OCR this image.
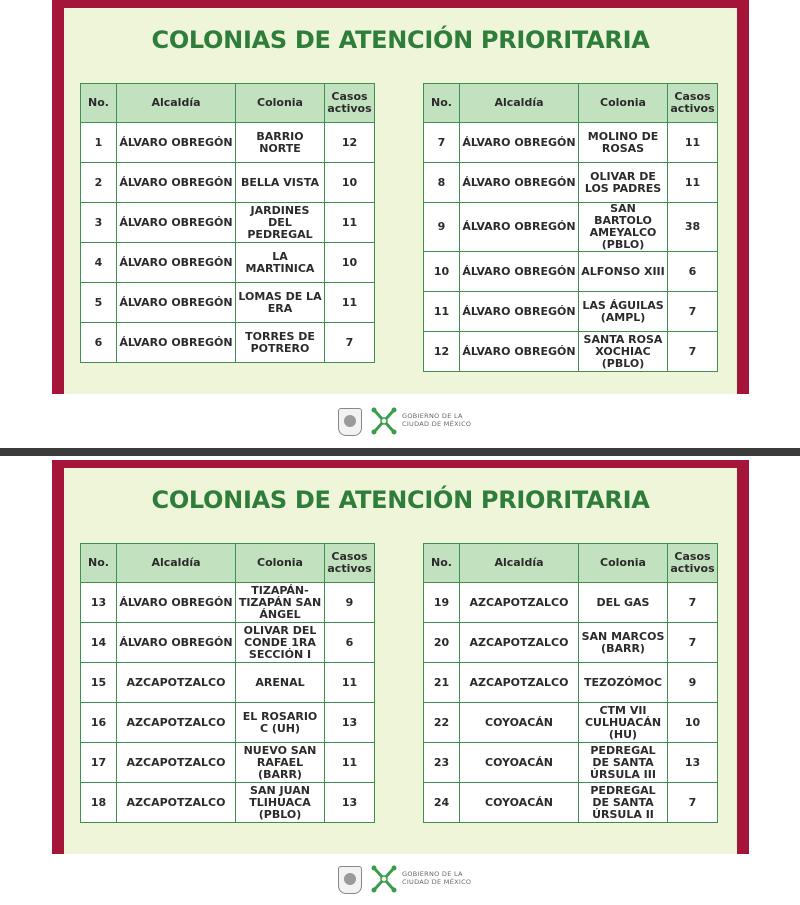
COLONIAS DE ATENCIÓN PRIORITARIA
No.	Alcaldía	Colonia	Casos activos
1	ÁLVARO OBREGÓN	BARRIO NORTE	12
2	ÁLVARO OBREGÓN	BELLA VISTA	10
3	ÁLVARO OBREGÓN	JARDINES DEL PEDREGAL	11
4	ÁLVARO OBREGÓN	LA MARTINICA	10
5	ÁLVARO OBREGÓN	LOMAS DE LA ERA	11
6	ÁLVARO OBREGÓN	TORRES DE POTRERO	7
No.	Alcaldía	Colonia	Casos activos
7	ÁLVARO OBREGÓN	MOLINO DE ROSAS	11
8	ÁLVARO OBREGÓN	OLIVAR DE LOS PADRES	11
9	ÁLVARO OBREGÓN	SAN BARTOLO AMEYALCO (PBLO)	38
10	ÁLVARO OBREGÓN	ALFONSO XIII	6
11	ÁLVARO OBREGÓN	LAS ÁGUILAS (AMPL)	7
12	ÁLVARO OBREGÓN	SANTA ROSA XOCHIAC (PBLO)	7
GOBIERNO DE LA
CIUDAD DE MÉXICO
COLONIAS DE ATENCIÓN PRIORITARIA
No.	Alcaldía	Colonia	Casos activos
13	ÁLVARO OBREGÓN	TIZAPÁN-TIZAPÁN SAN ÁNGEL	9
14	ÁLVARO OBREGÓN	OLIVAR DEL CONDE 1RA SECCIÓN I	6
15	AZCAPOTZALCO	ARENAL	11
16	AZCAPOTZALCO	EL ROSARIO C (UH)	13
17	AZCAPOTZALCO	NUEVO SAN RAFAEL (BARR)	11
18	AZCAPOTZALCO	SAN JUAN TLIHUACA (PBLO)	13
No.	Alcaldía	Colonia	Casos activos
19	AZCAPOTZALCO	DEL GAS	7
20	AZCAPOTZALCO	SAN MARCOS (BARR)	7
21	AZCAPOTZALCO	TEZOZÓMOC	9
22	COYOACÁN	CTM VII CULHUACÁN (HU)	10
23	COYOACÁN	PEDREGAL DE SANTA ÚRSULA III	13
24	COYOACÁN	PEDREGAL DE SANTA ÚRSULA II	7
GOBIERNO DE LA
CIUDAD DE MÉXICO
